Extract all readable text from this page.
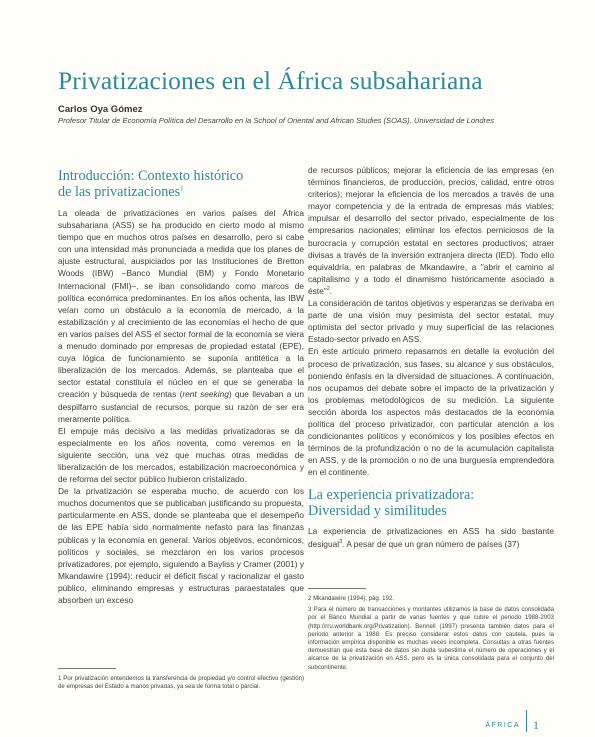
Privatizaciones en el África subsahariana
Carlos Oya Gómez
Profesor Titular de Economía Política del Desarrollo en la School of Oriental and African Studies (SOAS). Universidad de Londres
Introducción: Contexto histórico
de las privatizaciones$^1$

La oleada de privatizaciones en varios países del África subsahariana (ASS) se ha producido en cierto modo al mismo tiempo que en muchos otros países en desarrollo, pero si cabe con una intensidad más pronunciada a medida que los planes de ajuste estructural, auspiciados por las Instituciones de Bretton Woods (IBW) –Banco Mundial (BM) y Fondo Monetario Internacional (FMI)–, se iban consolidando como marcos de política económica predominantes. En los años ochenta, las IBW veían como un obstáculo a la economía de mercado, a la estabilización y al crecimiento de las economías el hecho de que en varios países del ASS el sector formal de la economía se viera a menudo dominado por empresas de propiedad estatal (EPE), cuya lógica de funcionamiento se suponía antitética a la liberalización de los mercados. Además, se planteaba que el sector estatal constituía el núcleo en el que se generaba la creación y búsqueda de rentas (rent seeking) que llevaban a un despilfarro sustancial de recursos, porque su razón de ser era meramente política.

El empuje más decisivo a las medidas privatizadoras se da especialmente en los años noventa, como veremos en la siguiente sección, una vez que muchas otras medidas de liberalización de los mercados, estabilización macroeconómica y de reforma del sector público hubieron cristalizado.

De la privatización se esperaba mucho, de acuerdo con los muchos documentos que se publicaban justificando su propuesta, particularmente en ASS, donde se planteaba que el desempeño de las EPE había sido normalmente nefasto para las finanzas públicas y la economía en general. Varios objetivos, económicos, políticos y sociales, se mezclaron en los varios procesos privatizadores, por ejemplo, siguiendo a Bayliss y Cramer (2001) y Mkandawire (1994): reducir el déficit fiscal y racionalizar el gasto público, eliminando empresas y estructuras paraestatales que absorben un exceso

de recursos públicos; mejorar la eficiencia de las empresas (en términos financieros, de producción, precios, calidad, entre otros criterios); mejorar la eficiencia de los mercados a través de una mayor competencia y de la entrada de empresas más viables; impulsar el desarrollo del sector privado, especialmente de los empresarios nacionales; eliminar los efectos perniciosos de la burocracia y corrupción estatal en sectores productivos; atraer divisas a través de la inversión extranjera directa (IED). Todo ello equivaldría, en palabras de Mkandawire, a "abrir el camino al capitalismo y a todo el dinamismo históricamente asociado a éste"$^2$.

La consideración de tantos objetivos y esperanzas se derivaba en parte de una visión muy pesimista del sector estatal, muy optimista del sector privado y muy superficial de las relaciones Estado-sector privado en ASS.

En este artículo primero repasamos en detalle la evolución del proceso de privatización, sus fases, su alcance y sus obstáculos, poniendo énfasis en la diversidad de situaciones. A continuación, nos ocupamos del debate sobre el impacto de la privatización y los problemas metodológicos de su medición. La siguiente sección aborda los aspectos más destacados de la economía política del proceso privatizador, con particular atención a los condicionantes políticos y económicos y los posibles efectos en términos de la profundización o no de la acumulación capitalista en ASS, y de la promoción o no de una burguesía emprendedora en el continente.

La experiencia privatizadora:
Diversidad y similitudes

La experiencia de privatizaciones en ASS ha sido bastante desigual$^3$. A pesar de que un gran número de países (37)

2 Mkandawire (1994), pág. 192.

3 Para el número de transacciones y montantes utilizamos la base de datos consolidada por el Banco Mundial a partir de varias fuentes y que cubre el periodo 1988-2003 (http://rru.worldbank.org/Privatization). Bennell (1997) presenta también datos para el periodo anterior a 1988. Es preciso considerar estos datos con cautela, pues la información empírica disponible es muchas veces incompleta. Consultas a otras fuentes demuestran que esta base de datos sin duda subestima el número de operaciones y el alcance de la privatización en ASS, pero es la única consolidada para el conjunto del subcontinente.

1 Por privatización entendemos la transferencia de propiedad y/o control efectivo (gestión) de empresas del Estado a manos privadas, ya sea de forma total o parcial.

ÁFRICA 1
